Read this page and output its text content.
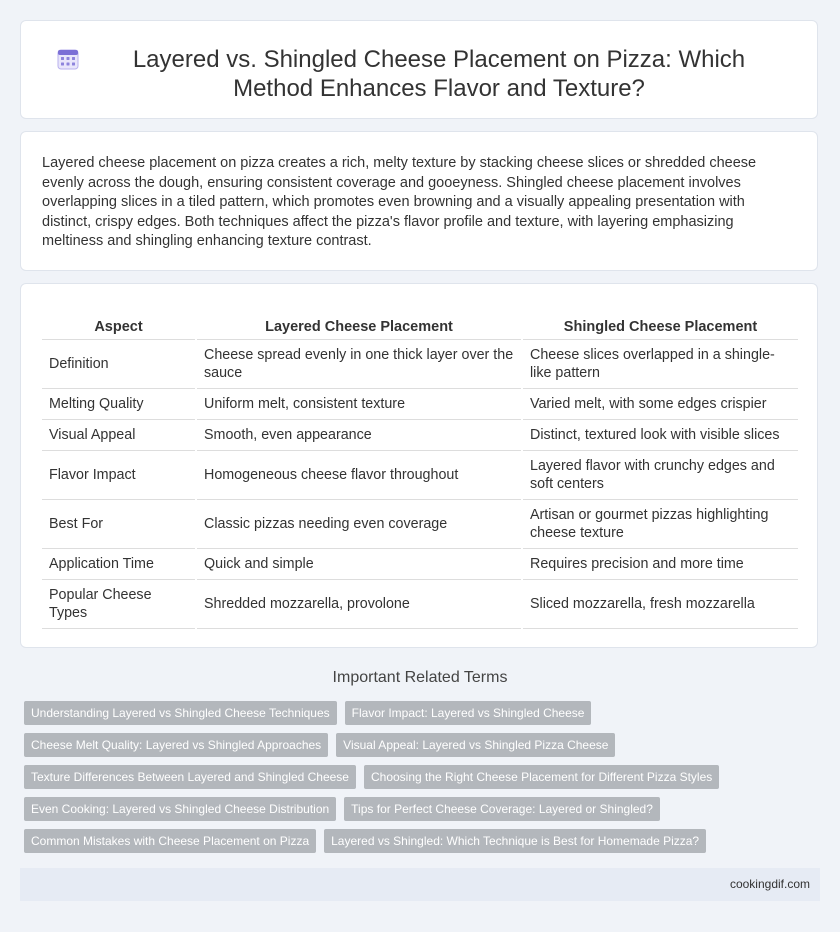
Layered vs. Shingled Cheese Placement on Pizza: Which Method Enhances Flavor and Texture?

Layered cheese placement on pizza creates a rich, melty texture by stacking cheese slices or shredded cheese evenly across the dough, ensuring consistent coverage and gooeyness. Shingled cheese placement involves overlapping slices in a tiled pattern, which promotes even browning and a visually appealing presentation with distinct, crispy edges. Both techniques affect the pizza's flavor profile and texture, with layering emphasizing meltiness and shingling enhancing texture contrast.

Aspect	Layered Cheese Placement	Shingled Cheese Placement
Definition	Cheese spread evenly in one thick layer over the sauce	Cheese slices overlapped in a shingle-like pattern
Melting Quality	Uniform melt, consistent texture	Varied melt, with some edges crispier
Visual Appeal	Smooth, even appearance	Distinct, textured look with visible slices
Flavor Impact	Homogeneous cheese flavor throughout	Layered flavor with crunchy edges and soft centers
Best For	Classic pizzas needing even coverage	Artisan or gourmet pizzas highlighting cheese texture
Application Time	Quick and simple	Requires precision and more time
Popular Cheese Types	Shredded mozzarella, provolone	Sliced mozzarella, fresh mozzarella
Important Related Terms
Understanding Layered vs Shingled Cheese Techniques	Flavor Impact: Layered vs Shingled Cheese
Cheese Melt Quality: Layered vs Shingled Approaches	Visual Appeal: Layered vs Shingled Pizza Cheese
Texture Differences Between Layered and Shingled Cheese	Choosing the Right Cheese Placement for Different Pizza Styles
Even Cooking: Layered vs Shingled Cheese Distribution	Tips for Perfect Cheese Coverage: Layered or Shingled?
Common Mistakes with Cheese Placement on Pizza	Layered vs Shingled: Which Technique is Best for Homemade Pizza?
cookingdif.com
